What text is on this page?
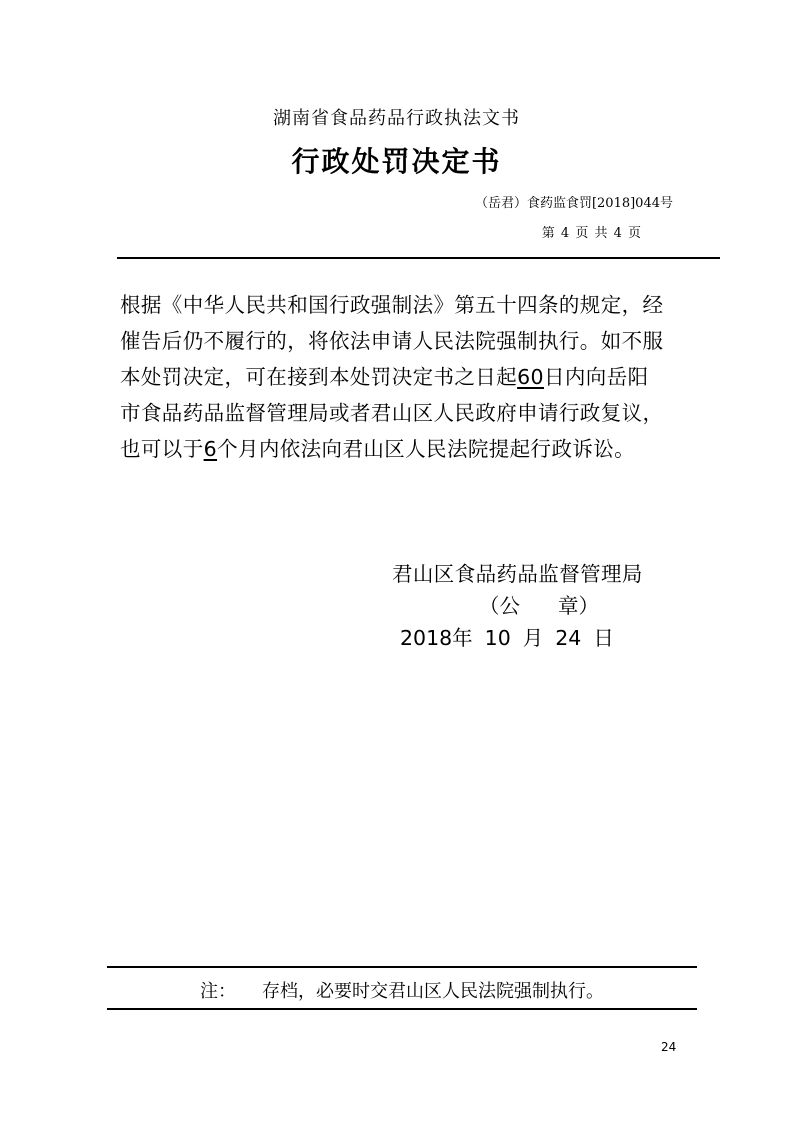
湖南省食品药品行政执法文书
行政处罚决定书
（岳君）食药监食罚[2018]044号
第 4 页 共 4 页
根据《中华人民共和国行政强制法》第五十四条的规定，经
催告后仍不履行的，将依法申请人民法院强制执行。如不服
本处罚决定，可在接到本处罚决定书之日起60日内向岳阳
市食品药品监督管理局或者君山区人民政府申请行政复议，
也可以于6个月内依法向君山区人民法院提起行政诉讼。
君山区食品药品监督管理局
（公 章）
2018年 10 月 24 日
注： 存档，必要时交君山区人民法院强制执行。
24
